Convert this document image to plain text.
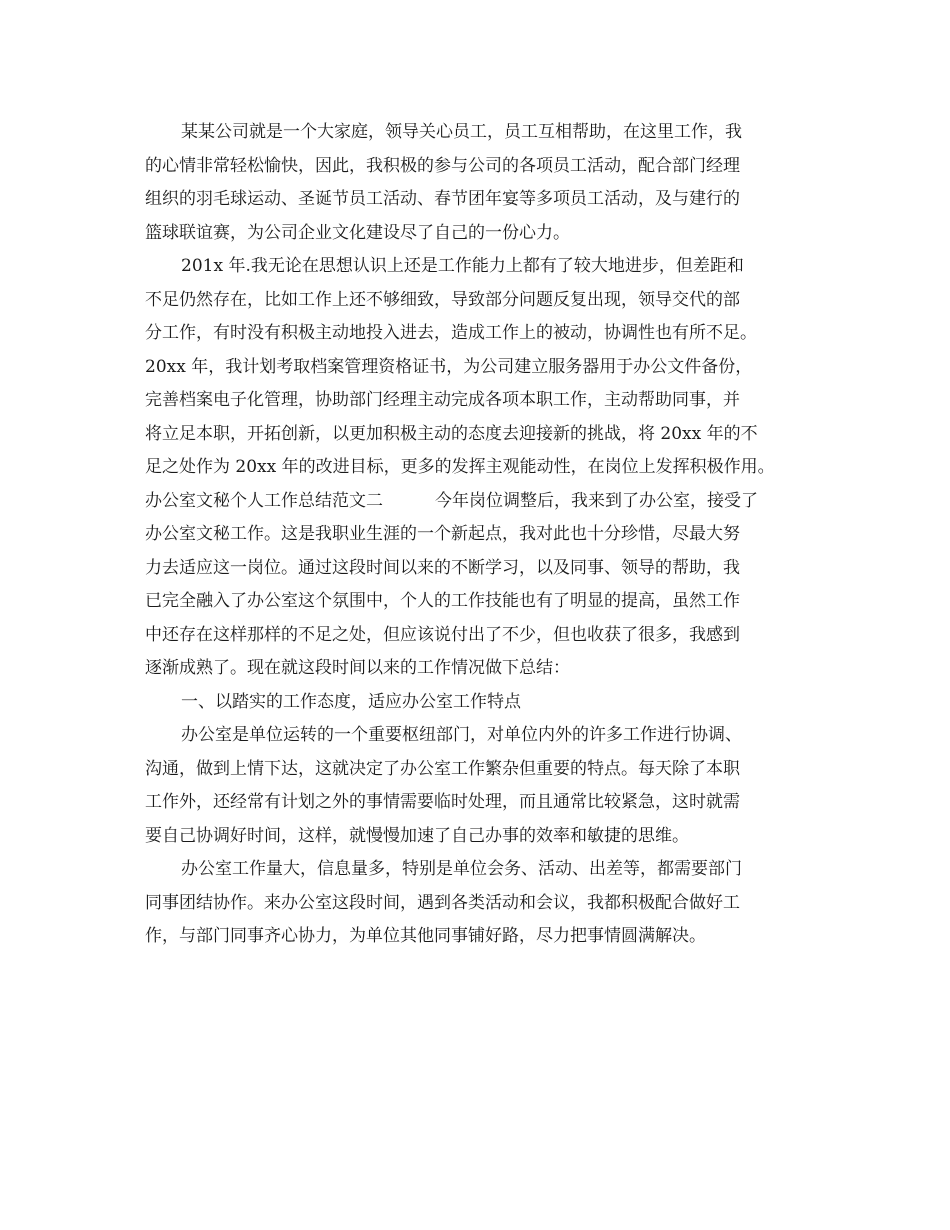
某某公司就是一个大家庭，领导关心员工，员工互相帮助，在这里工作，我
的心情非常轻松愉快，因此，我积极的参与公司的各项员工活动，配合部门经理
组织的羽毛球运动、圣诞节员工活动、春节团年宴等多项员工活动，及与建行的
篮球联谊赛，为公司企业文化建设尽了自己的一份心力。
201x 年.我无论在思想认识上还是工作能力上都有了较大地进步，但差距和
不足仍然存在，比如工作上还不够细致，导致部分问题反复出现，领导交代的部
分工作，有时没有积极主动地投入进去，造成工作上的被动，协调性也有所不足。
20xx 年，我计划考取档案管理资格证书，为公司建立服务器用于办公文件备份，
完善档案电子化管理，协助部门经理主动完成各项本职工作，主动帮助同事，并
将立足本职，开拓创新，以更加积极主动的态度去迎接新的挑战，将 20xx 年的不
足之处作为 20xx 年的改进目标，更多的发挥主观能动性，在岗位上发挥积极作用。
办公室文秘个人工作总结范文二	今年岗位调整后，我来到了办公室，接受了
办公室文秘工作。这是我职业生涯的一个新起点，我对此也十分珍惜，尽最大努
力去适应这一岗位。通过这段时间以来的不断学习，以及同事、领导的帮助，我
已完全融入了办公室这个氛围中，个人的工作技能也有了明显的提高，虽然工作
中还存在这样那样的不足之处，但应该说付出了不少，但也收获了很多，我感到
逐渐成熟了。现在就这段时间以来的工作情况做下总结：
一、以踏实的工作态度，适应办公室工作特点
办公室是单位运转的一个重要枢纽部门，对单位内外的许多工作进行协调、
沟通，做到上情下达，这就决定了办公室工作繁杂但重要的特点。每天除了本职
工作外，还经常有计划之外的事情需要临时处理，而且通常比较紧急，这时就需
要自己协调好时间，这样，就慢慢加速了自己办事的效率和敏捷的思维。
办公室工作量大，信息量多，特别是单位会务、活动、出差等，都需要部门
同事团结协作。来办公室这段时间，遇到各类活动和会议，我都积极配合做好工
作，与部门同事齐心协力，为单位其他同事铺好路，尽力把事情圆满解决。
